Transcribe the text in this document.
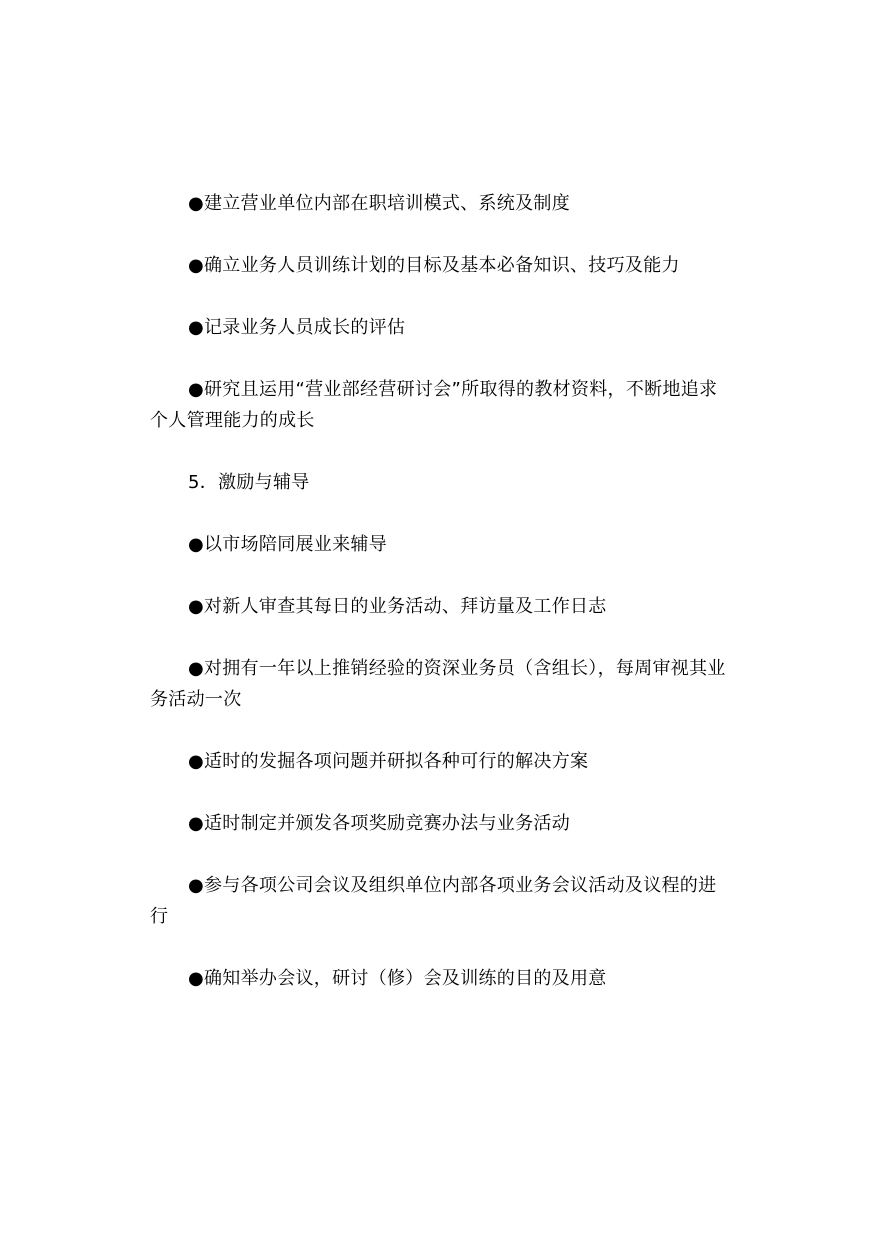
●建立营业单位内部在职培训模式、系统及制度

●确立业务人员训练计划的目标及基本必备知识、技巧及能力

●记录业务人员成长的评估

●研究且运用“营业部经营研讨会”所取得的教材资料，不断地追求个人管理能力的成长

5．激励与辅导

●以市场陪同展业来辅导

●对新人审查其每日的业务活动、拜访量及工作日志

●对拥有一年以上推销经验的资深业务员（含组长），每周审视其业务活动一次

●适时的发掘各项问题并研拟各种可行的解决方案

●适时制定并颁发各项奖励竞赛办法与业务活动

●参与各项公司会议及组织单位内部各项业务会议活动及议程的进行

●确知举办会议，研讨（修）会及训练的目的及用意
